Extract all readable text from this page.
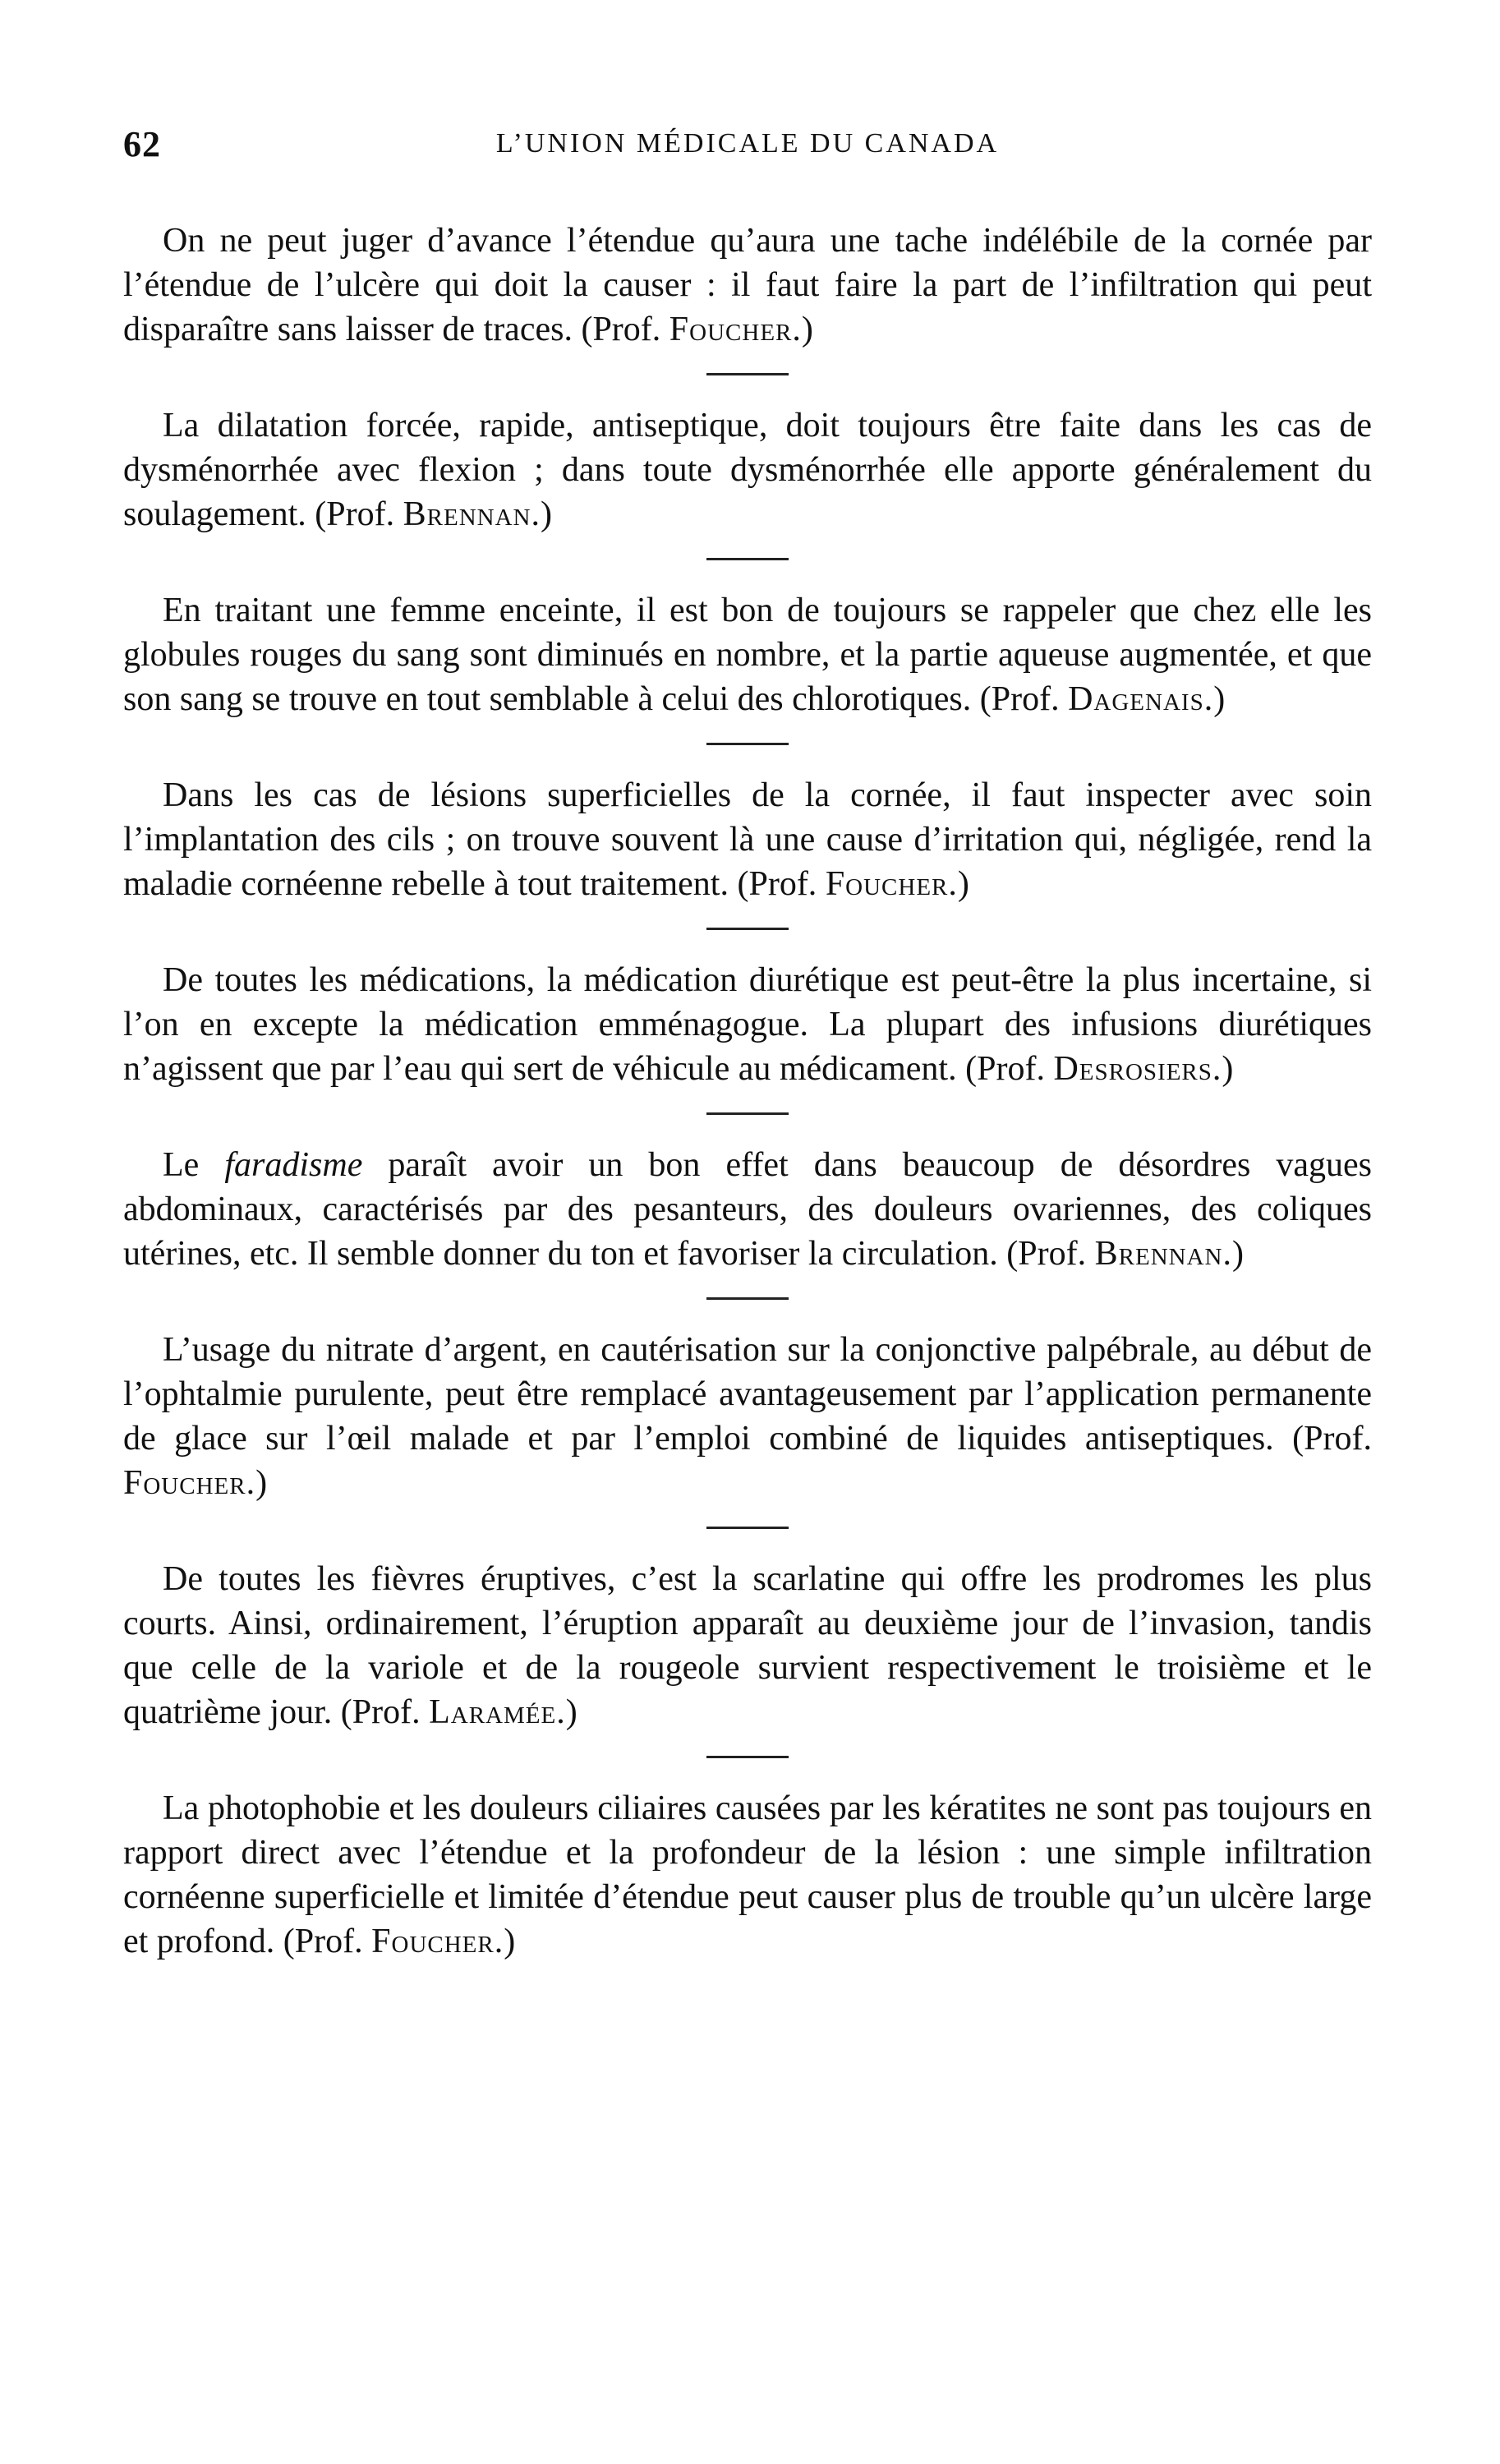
62	L’UNION MÉDICALE DU CANADA

On ne peut juger d’avance l’étendue qu’aura une tache indélébile de la cornée par l’étendue de l’ulcère qui doit la causer : il faut faire la part de l’infiltration qui peut disparaître sans laisser de traces. (Prof. Foucher.)

La dilatation forcée, rapide, antiseptique, doit toujours être faite dans les cas de dysménorrhée avec flexion ; dans toute dysménorrhée elle apporte généralement du soulagement. (Prof. Brennan.)

En traitant une femme enceinte, il est bon de toujours se rappeler que chez elle les globules rouges du sang sont diminués en nombre, et la partie aqueuse augmentée, et que son sang se trouve en tout semblable à celui des chlorotiques. (Prof. Dagenais.)

Dans les cas de lésions superficielles de la cornée, il faut inspecter avec soin l’implantation des cils ; on trouve souvent là une cause d’irritation qui, négligée, rend la maladie cornéenne rebelle à tout traitement. (Prof. Foucher.)

De toutes les médications, la médication diurétique est peut-être la plus incertaine, si l’on en excepte la médication emménagogue. La plupart des infusions diurétiques n’agissent que par l’eau qui sert de véhicule au médicament. (Prof. Desrosiers.)

Le faradisme paraît avoir un bon effet dans beaucoup de désordres vagues abdominaux, caractérisés par des pesanteurs, des douleurs ovariennes, des coliques utérines, etc. Il semble donner du ton et favoriser la circulation. (Prof. Brennan.)

L’usage du nitrate d’argent, en cautérisation sur la conjonctive palpébrale, au début de l’ophtalmie purulente, peut être remplacé avantageusement par l’application permanente de glace sur l’œil malade et par l’emploi combiné de liquides antiseptiques. (Prof. Foucher.)

De toutes les fièvres éruptives, c’est la scarlatine qui offre les prodromes les plus courts. Ainsi, ordinairement, l’éruption apparaît au deuxième jour de l’invasion, tandis que celle de la variole et de la rougeole survient respectivement le troisième et le quatrième jour. (Prof. Laramée.)

La photophobie et les douleurs ciliaires causées par les kératites ne sont pas toujours en rapport direct avec l’étendue et la profondeur de la lésion : une simple infiltration cornéenne superficielle et limitée d’étendue peut causer plus de trouble qu’un ulcère large et profond. (Prof. Foucher.)
